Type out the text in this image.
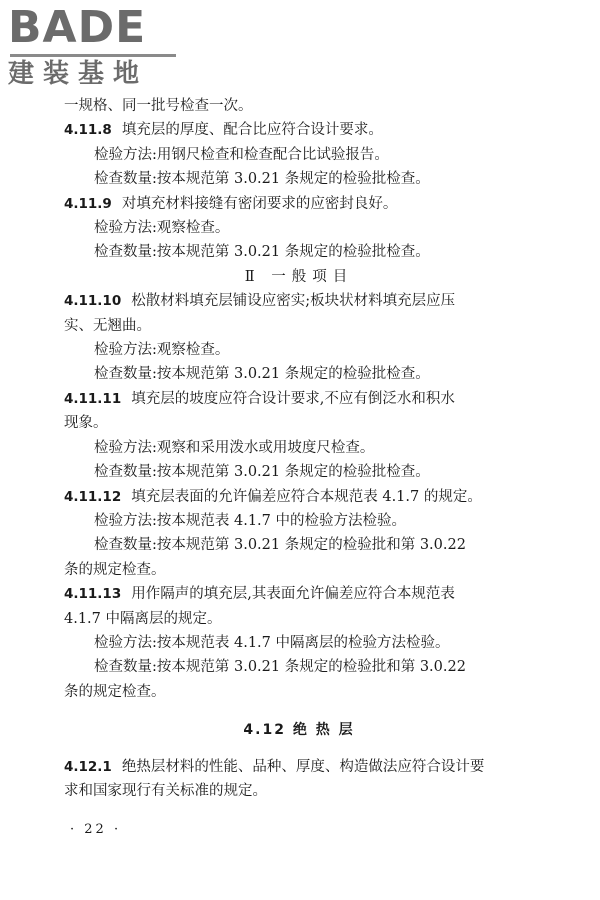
BADE
建装基地
一规格、同一批号检查一次。
4.11.8 填充层的厚度、配合比应符合设计要求。
检验方法:用钢尺检查和检查配合比试验报告。
检查数量:按本规范第 3.0.21 条规定的检验批检查。
4.11.9 对填充材料接缝有密闭要求的应密封良好。
检验方法:观察检查。
检查数量:按本规范第 3.0.21 条规定的检验批检查。
Ⅱ 一般项目
4.11.10 松散材料填充层铺设应密实;板块状材料填充层应压
实、无翘曲。
检验方法:观察检查。
检查数量:按本规范第 3.0.21 条规定的检验批检查。
4.11.11 填充层的坡度应符合设计要求,不应有倒泛水和积水
现象。
检验方法:观察和采用泼水或用坡度尺检查。
检查数量:按本规范第 3.0.21 条规定的检验批检查。
4.11.12 填充层表面的允许偏差应符合本规范表 4.1.7 的规定。
检验方法:按本规范表 4.1.7 中的检验方法检验。
检查数量:按本规范第 3.0.21 条规定的检验批和第 3.0.22
条的规定检查。
4.11.13 用作隔声的填充层,其表面允许偏差应符合本规范表
4.1.7 中隔离层的规定。
检验方法:按本规范表 4.1.7 中隔离层的检验方法检验。
检查数量:按本规范第 3.0.21 条规定的检验批和第 3.0.22
条的规定检查。
4.12 绝 热 层
4.12.1 绝热层材料的性能、品种、厚度、构造做法应符合设计要
求和国家现行有关标准的规定。
· 22 ·
